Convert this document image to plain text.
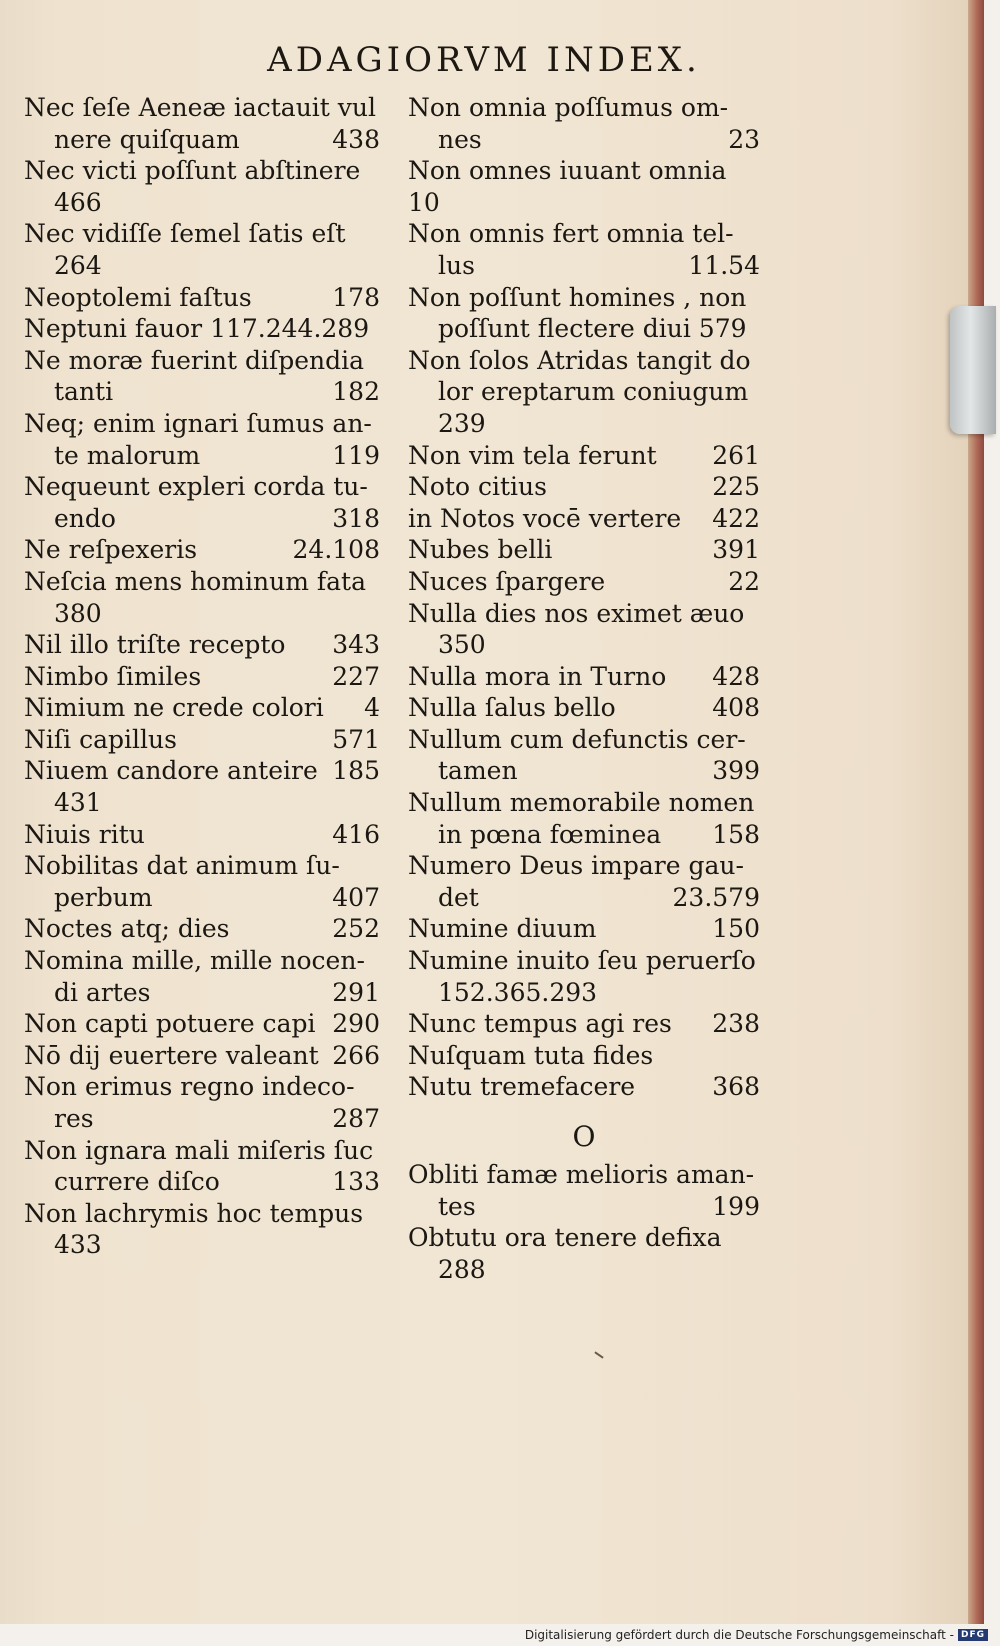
ADAGIORVM INDEX.
Nec ſeſe Aeneæ iactauit vul
nere quiſquam	438
Nec victi poſſunt abſtinere
466
Nec vidiſſe ſemel ſatis eſt
264
Neoptolemi faſtus	178
Neptuni fauor 117.244.289
Ne moræ fuerint diſpendia
tanti	182
Neq; enim ignari ſumus an-
te malorum	119
Nequeunt expleri corda tu-
endo	318
Ne reſpexeris	24.108
Neſcia mens hominum fata
380
Nil illo triſte recepto	343
Nimbo ſimiles	227
Nimium ne crede colori	4
Niſi capillus	571
Niuem candore anteire 185
431
Niuis ritu	416
Nobilitas dat animum ſu-
perbum	407
Noctes atq; dies	252
Nomina mille, mille nocen-
di artes	291
Non capti potuere capi 290
Nō dij euertere valeant 266
Non erimus regno indeco-
res	287
Non ignara mali miſeris ſuc
currere diſco	133
Non lachrymis hoc tempus
433
Non omnia poſſumus om-
nes	23
Non omnes iuuant omnia 10
Non omnis fert omnia tel-
lus	11.54
Non poſſunt homines , non
poſſunt flectere diui 579
Non ſolos Atridas tangit do
lor ereptarum coniugum
239
Non vim tela ferunt	261
Noto citius	225
in Notos vocē vertere	422
Nubes belli	391
Nuces ſpargere	22
Nulla dies nos eximet æuo
350
Nulla mora in Turno	428
Nulla ſalus bello	408
Nullum cum defunctis cer-
tamen	399
Nullum memorabile nomen
in pœna fœminea	158
Numero Deus impare gau-
det	23.579
Numine diuum	150
Numine inuito ſeu peruerſo
152.365.293
Nunc tempus agi res	238
Nuſquam tuta fides
Nutu tremefacere	368
O
Obliti famæ melioris aman-
tes	199
Obtutu ora tenere defixa
288
Digitalisierung gefördert durch die Deutsche Forschungsgemeinschaft - DFG
